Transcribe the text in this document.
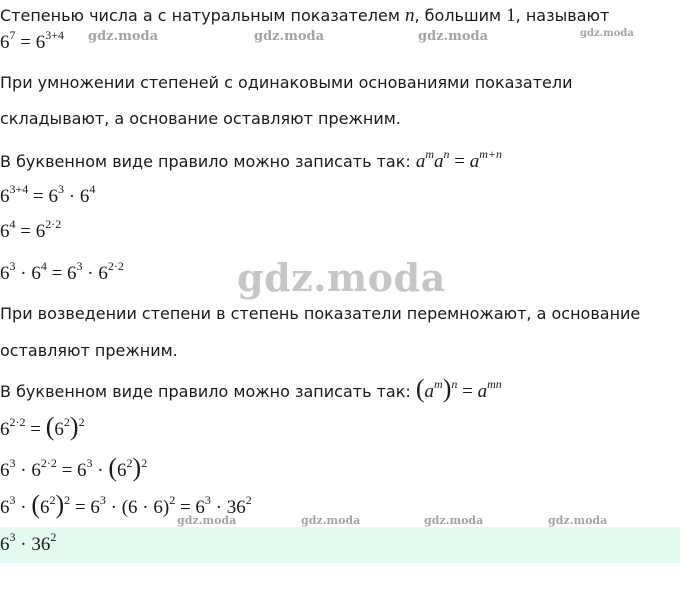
Степенью числа a с натуральным показателем n, большим 1, называют
$6^7 = 6^{3+4}$ gdz.moda	gdz.moda	gdz.moda	gdz.moda
При умножении степеней с одинаковыми основаниями показатели
складывают, а основание оставляют прежним.
В буквенном виде правило можно записать так: $a^ma^n = a^{m+n}$
$6^{3+4} = 6^3 \cdot 6^4$
$6^4 = 6^{2\cdot 2}$
$6^3 \cdot 6^4 = 6^3 \cdot 6^{2\cdot 2}$	gdz.moda
При возведении степени в степень показатели перемножают, а основание
оставляют прежним.
В буквенном виде правило можно записать так: $(a^m)^n = a^{mn}$
$6^{2\cdot 2} = (6^2)^2$
$6^3 \cdot 6^{2\cdot 2} = 6^3 \cdot (6^2)^2$
$6^3 \cdot (6^2)^2 = 6^3 \cdot (6 \cdot 6)^2 = 6^3 \cdot 36^2$
$6^3 \cdot 36^2$
gdz.moda	gdz.moda	gdz.moda	gdz.moda
